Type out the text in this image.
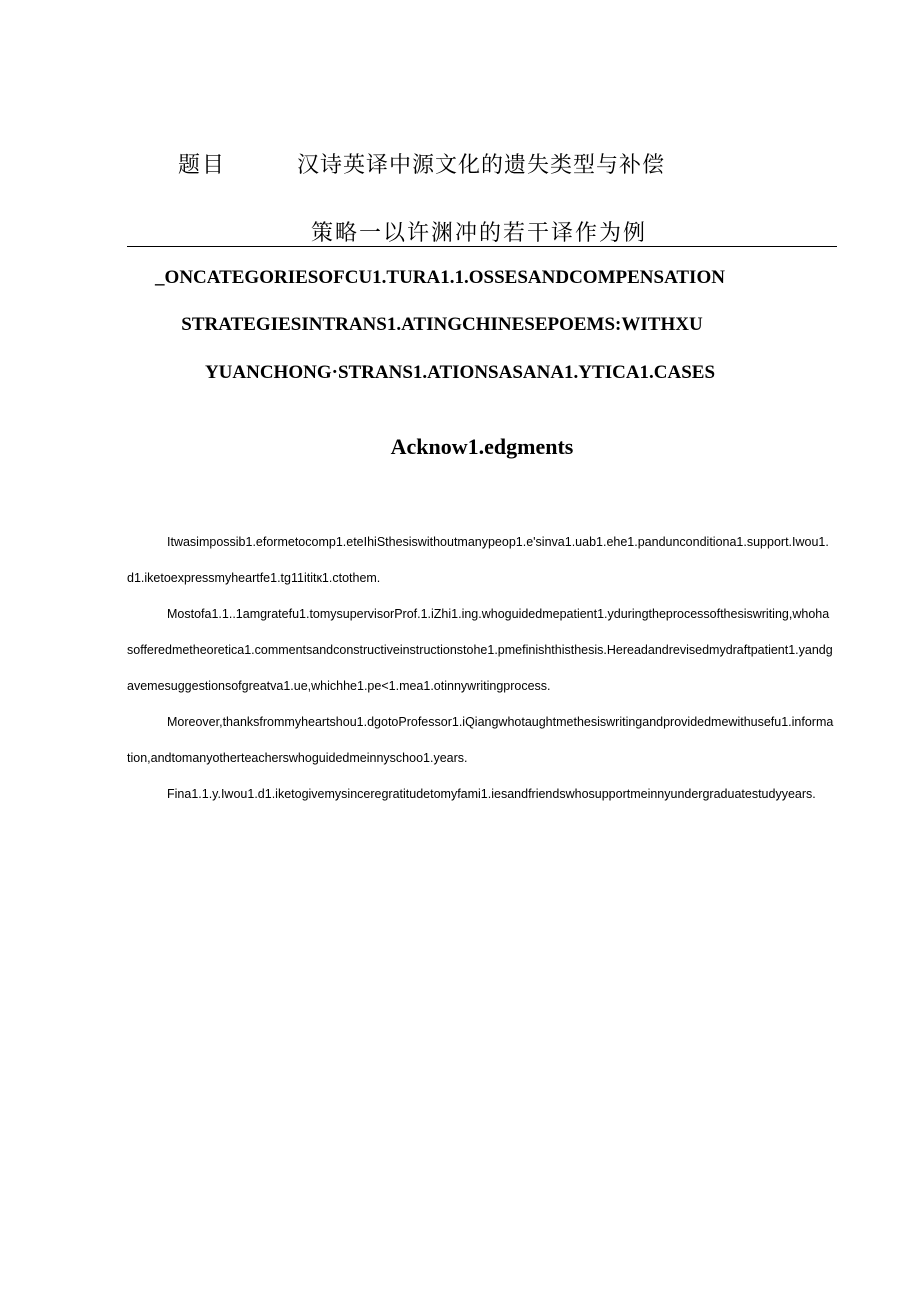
题目	汉诗英译中源文化的遗失类型与补偿
策略一以许渊冲的若干译作为例
_ONCATEGORIESOFCU1.TURA1.1.OSSESANDCOMPENSATION
STRATEGIESINTRANS1.ATINGCHINESEPOEMS:WITHXU
YUANCHONG·STRANS1.ATIONSASANA1.YTICA1.CASES
Acknow1.edgments

Itwasimpossib1.eformetocomp1.eteIhiSthesiswithoutmanypeop1.e'sinva1.uab1.ehe1.pandunconditiona1.support.Iwou1.d1.iketoexpressmyheartfe1.tg11ititк1.ctothem.

Mostofa1.1..1amgratefu1.tomysupervisorProf.1.iZhi1.ing.whoguidedmepatient1.yduringtheprocessofthesiswriting,whohasofferedmetheoretica1.commentsandconstructiveinstructionstohe1.pmefinishthisthesis.Hereadandrevisedmydraftpatient1.yandgavemesuggestionsofgreatva1.ue,whichhe1.pe<1.mea1.otinnywritingprocess.

Moreover,thanksfrommyheartshou1.dgotoProfessor1.iQiangwhotaughtmethesiswritingandprovidedmewithusefu1.information,andtomanyotherteacherswhoguidedmeinnyschoo1.years.

Fina1.1.y.Iwou1.d1.iketogivemysinceregratitudetomyfami1.iesandfriendswhosupportmeinnyundergraduatestudyyears.
